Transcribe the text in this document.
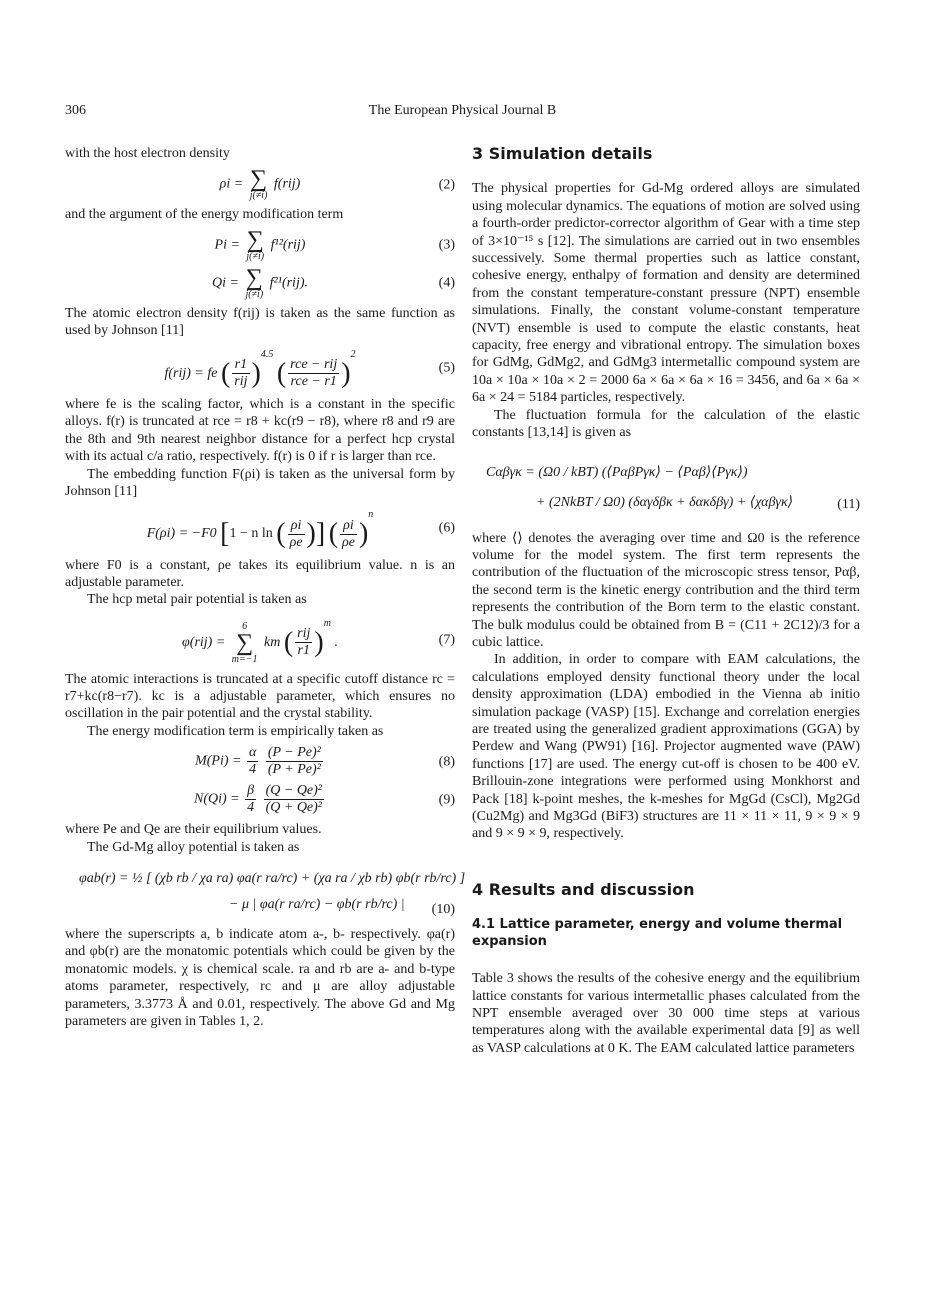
306	The European Physical Journal B

with the host electron density

ρi = ∑
j(≠i)
f(rij)	(2)

and the argument of the energy modification term

Pi = ∑
j(≠i)
f¹²(rij)	(3)
Qi = ∑
j(≠i)
f²¹(rij).	(4)

The atomic electron density f(rij) is taken as the same function as used by Johnson [11]

f(rij) = fe ( $\frac{r1}{\text{rij}} )^{4.5}$ ( $\frac{\text{rce − rij}}{\text{rce − r1}} )^2$
(5)

where fe is the scaling factor, which is a constant in the specific alloys. f(r) is truncated at rce = r8 + kc(r9 − r8), where r8 and r9 are the 8th and 9th nearest neighbor distance for a perfect hcp crystal with its actual c/a ratio, respectively. f(r) is 0 if r is larger than rce.

The embedding function F(ρi) is taken as the universal form by Johnson [11]

F(ρi) = −F0 [1 − n ln ( $\frac{\rho i}{\rho e}$ )] ( $\frac{\rho i}{\rho e} )^n$
(6)

where F0 is a constant, ρe takes its equilibrium value. n is an adjustable parameter.

The hcp metal pair potential is taken as

φ(rij) =
6
∑
m=−1
km ( $\frac{\text{rij}}{r1} )^m$ .	(7)

The atomic interactions is truncated at a specific cutoff distance rc = r7+kc(r8−r7). kc is a adjustable parameter, which ensures no oscillation in the pair potential and the crystal stability.

The energy modification term is empirically taken as

$M(Pi) = \frac{\alpha}{4}$
$\frac{\text{(P − Pe)²}}{\text{(P + Pe)²}}$	(8)
$N(Qi) = \frac{\beta}{4}$
$\frac{\text{(Q − Qe)²}}{\text{(Q + Qe)²}}$	(9)

where Pe and Qe are their equilibrium values.

The Gd-Mg alloy potential is taken as

φab(r) = ½ [ (χb rb / χa ra) φa(r ra/rc) + (χa ra / χb rb) φb(r rb/rc) ]
− μ | φa(r ra/rc) − φb(r rb/rc) | (10)

where the superscripts a, b indicate atom a-, b- respectively. φa(r) and φb(r) are the monatomic potentials which could be given by the monatomic models. χ is chemical scale. ra and rb are a- and b-type atoms parameter, respectively, rc and μ are alloy adjustable parameters, 3.3773 Å and 0.01, respectively. The above Gd and Mg parameters are given in Tables 1, 2.

3 Simulation details

The physical properties for Gd-Mg ordered alloys are simulated using molecular dynamics. The equations of motion are solved using a fourth-order predictor-corrector algorithm of Gear with a time step of 3×10⁻¹⁵ s [12]. The simulations are carried out in two ensembles successively. Some thermal properties such as lattice constant, cohesive energy, enthalpy of formation and density are determined from the constant temperature-constant pressure (NPT) ensemble simulations. Finally, the constant volume-constant temperature (NVT) ensemble is used to compute the elastic constants, heat capacity, free energy and vibrational entropy. The simulation boxes for GdMg, GdMg2, and GdMg3 intermetallic compound system are 10a × 10a × 10a × 2 = 2000 6a × 6a × 6a × 16 = 3456, and 6a × 6a × 6a × 24 = 5184 particles, respectively.

The fluctuation formula for the calculation of the elastic constants [13,14] is given as

Cαβγκ = (Ω0 / kBT) (⟨PαβPγκ⟩ − ⟨Pαβ⟩⟨Pγκ⟩)
+ (2NkBT / Ω0) (δαγδβκ + δακδβγ) + ⟨χαβγκ⟩	(11)

where ⟨⟩ denotes the averaging over time and Ω0 is the reference volume for the model system. The first term represents the contribution of the fluctuation of the microscopic stress tensor, Pαβ, the second term is the kinetic energy contribution and the third term represents the contribution of the Born term to the elastic constant. The bulk modulus could be obtained from B = (C11 + 2C12)/3 for a cubic lattice.

In addition, in order to compare with EAM calculations, the calculations employed density functional theory under the local density approximation (LDA) embodied in the Vienna ab initio simulation package (VASP) [15]. Exchange and correlation energies are treated using the generalized gradient approximations (GGA) by Perdew and Wang (PW91) [16]. Projector augmented wave (PAW) functions [17] are used. The energy cut-off is chosen to be 400 eV. Brillouin-zone integrations were performed using Monkhorst and Pack [18] k-point meshes, the k-meshes for MgGd (CsCl), Mg2Gd (Cu2Mg) and Mg3Gd (BiF3) structures are 11 × 11 × 11, 9 × 9 × 9 and 9 × 9 × 9, respectively.

4 Results and discussion
4.1 Lattice parameter, energy and volume thermal expansion

Table 3 shows the results of the cohesive energy and the equilibrium lattice constants for various intermetallic phases calculated from the NPT ensemble averaged over 30 000 time steps at various temperatures along with the available experimental data [9] as well as VASP calculations at 0 K. The EAM calculated lattice parameters
